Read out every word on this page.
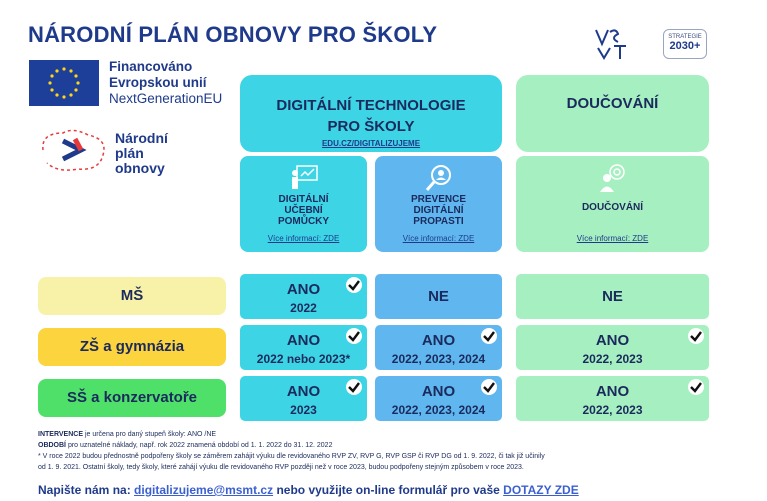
NÁRODNÍ PLÁN OBNOVY PRO ŠKOLY
Financováno
Evropskou unií
NextGenerationEU
Národní
plán
obnovy
STRATEGIE
2030+
DIGITÁLNÍ TECHNOLOGIE
PRO ŠKOLY
EDU.CZ/DIGITALIZUJEME
DOUČOVÁNÍ
DIGITÁLNÍ
UČEBNÍ
POMŮCKY
Více informací: ZDE
PREVENCE
DIGITÁLNÍ
PROPASTI
Více informací: ZDE
DOUČOVÁNÍ
Více informací: ZDE
MŠ
ZŠ a gymnázia
SŠ a konzervatoře
ANO
2022
NE	NE
ANO
2022 nebo 2023*
ANO
2022, 2023, 2024
ANO
2022, 2023
ANO
2023
ANO
2022, 2023, 2024
ANO
2022, 2023
INTERVENCE je určena pro daný stupeň školy: ANO /NE
OBDOBÍ pro uznatelné náklady, např. rok 2022 znamená období od 1. 1. 2022 do 31. 12. 2022
* V roce 2022 budou přednostně podpořeny školy se záměrem zahájit výuku dle revidovaného RVP ZV, RVP G, RVP GSP či RVP DG od 1. 9. 2022, či tak již učinily
od 1. 9. 2021. Ostatní školy, tedy školy, které zahájí výuku dle revidovaného RVP později než v roce 2023, budou podpořeny stejným způsobem v roce 2023.
Napište nám na: digitalizujeme@msmt.cz nebo využijte on-line formulář pro vaše DOTAZY ZDE
